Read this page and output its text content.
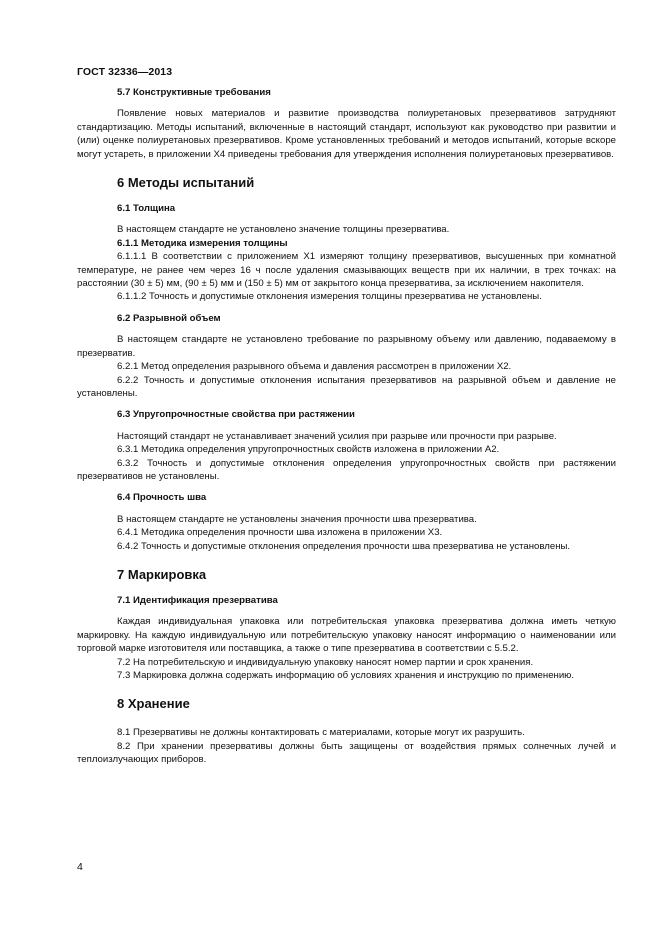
ГОСТ 32336—2013
5.7 Конструктивные требования

Появление новых материалов и развитие производства полиуретановых презервативов затрудняют стандартизацию. Методы испытаний, включенные в настоящий стандарт, используют как руководство при развитии и (или) оценке полиуретановых презервативов. Кроме установленных требований и методов испытаний, которые вскоре могут устареть, в приложении Х4 приведены требования для утверждения исполнения полиуретановых презервативов.

6 Методы испытаний
6.1 Толщина

В настоящем стандарте не установлено значение толщины презерватива.

6.1.1 Методика измерения толщины

6.1.1.1 В соответствии с приложением Х1 измеряют толщину презервативов, высушенных при комнатной температуре, не ранее чем через 16 ч после удаления смазывающих веществ при их наличии, в трех точках: на расстоянии (30 ± 5) мм, (90 ± 5) мм и (150 ± 5) мм от закрытого конца презерватива, за исключением накопителя.

6.1.1.2 Точность и допустимые отклонения измерения толщины презерватива не установлены.

6.2 Разрывной объем

В настоящем стандарте не установлено требование по разрывному объему или давлению, подаваемому в презерватив.

6.2.1 Метод определения разрывного объема и давления рассмотрен в приложении Х2.

6.2.2 Точность и допустимые отклонения испытания презервативов на разрывной объем и давление не установлены.

6.3 Упругопрочностные свойства при растяжении

Настоящий стандарт не устанавливает значений усилия при разрыве или прочности при разрыве.

6.3.1 Методика определения упругопрочностных свойств изложена в приложении А2.

6.3.2 Точность и допустимые отклонения определения упругопрочностных свойств при растяжении презервативов не установлены.

6.4 Прочность шва

В настоящем стандарте не установлены значения прочности шва презерватива.

6.4.1 Методика определения прочности шва изложена в приложении Х3.

6.4.2 Точность и допустимые отклонения определения прочности шва презерватива не установлены.

7 Маркировка
7.1 Идентификация презерватива

Каждая индивидуальная упаковка или потребительская упаковка презерватива должна иметь четкую маркировку. На каждую индивидуальную или потребительскую упаковку наносят информацию о наименовании или торговой марке изготовителя или поставщика, а также о типе презерватива в соответствии с 5.5.2.

7.2 На потребительскую и индивидуальную упаковку наносят номер партии и срок хранения.

7.3 Маркировка должна содержать информацию об условиях хранения и инструкцию по применению.

8 Хранение

8.1 Презервативы не должны контактировать с материалами, которые могут их разрушить.

8.2 При хранении презервативы должны быть защищены от воздействия прямых солнечных лучей и теплоизлучающих приборов.

4
